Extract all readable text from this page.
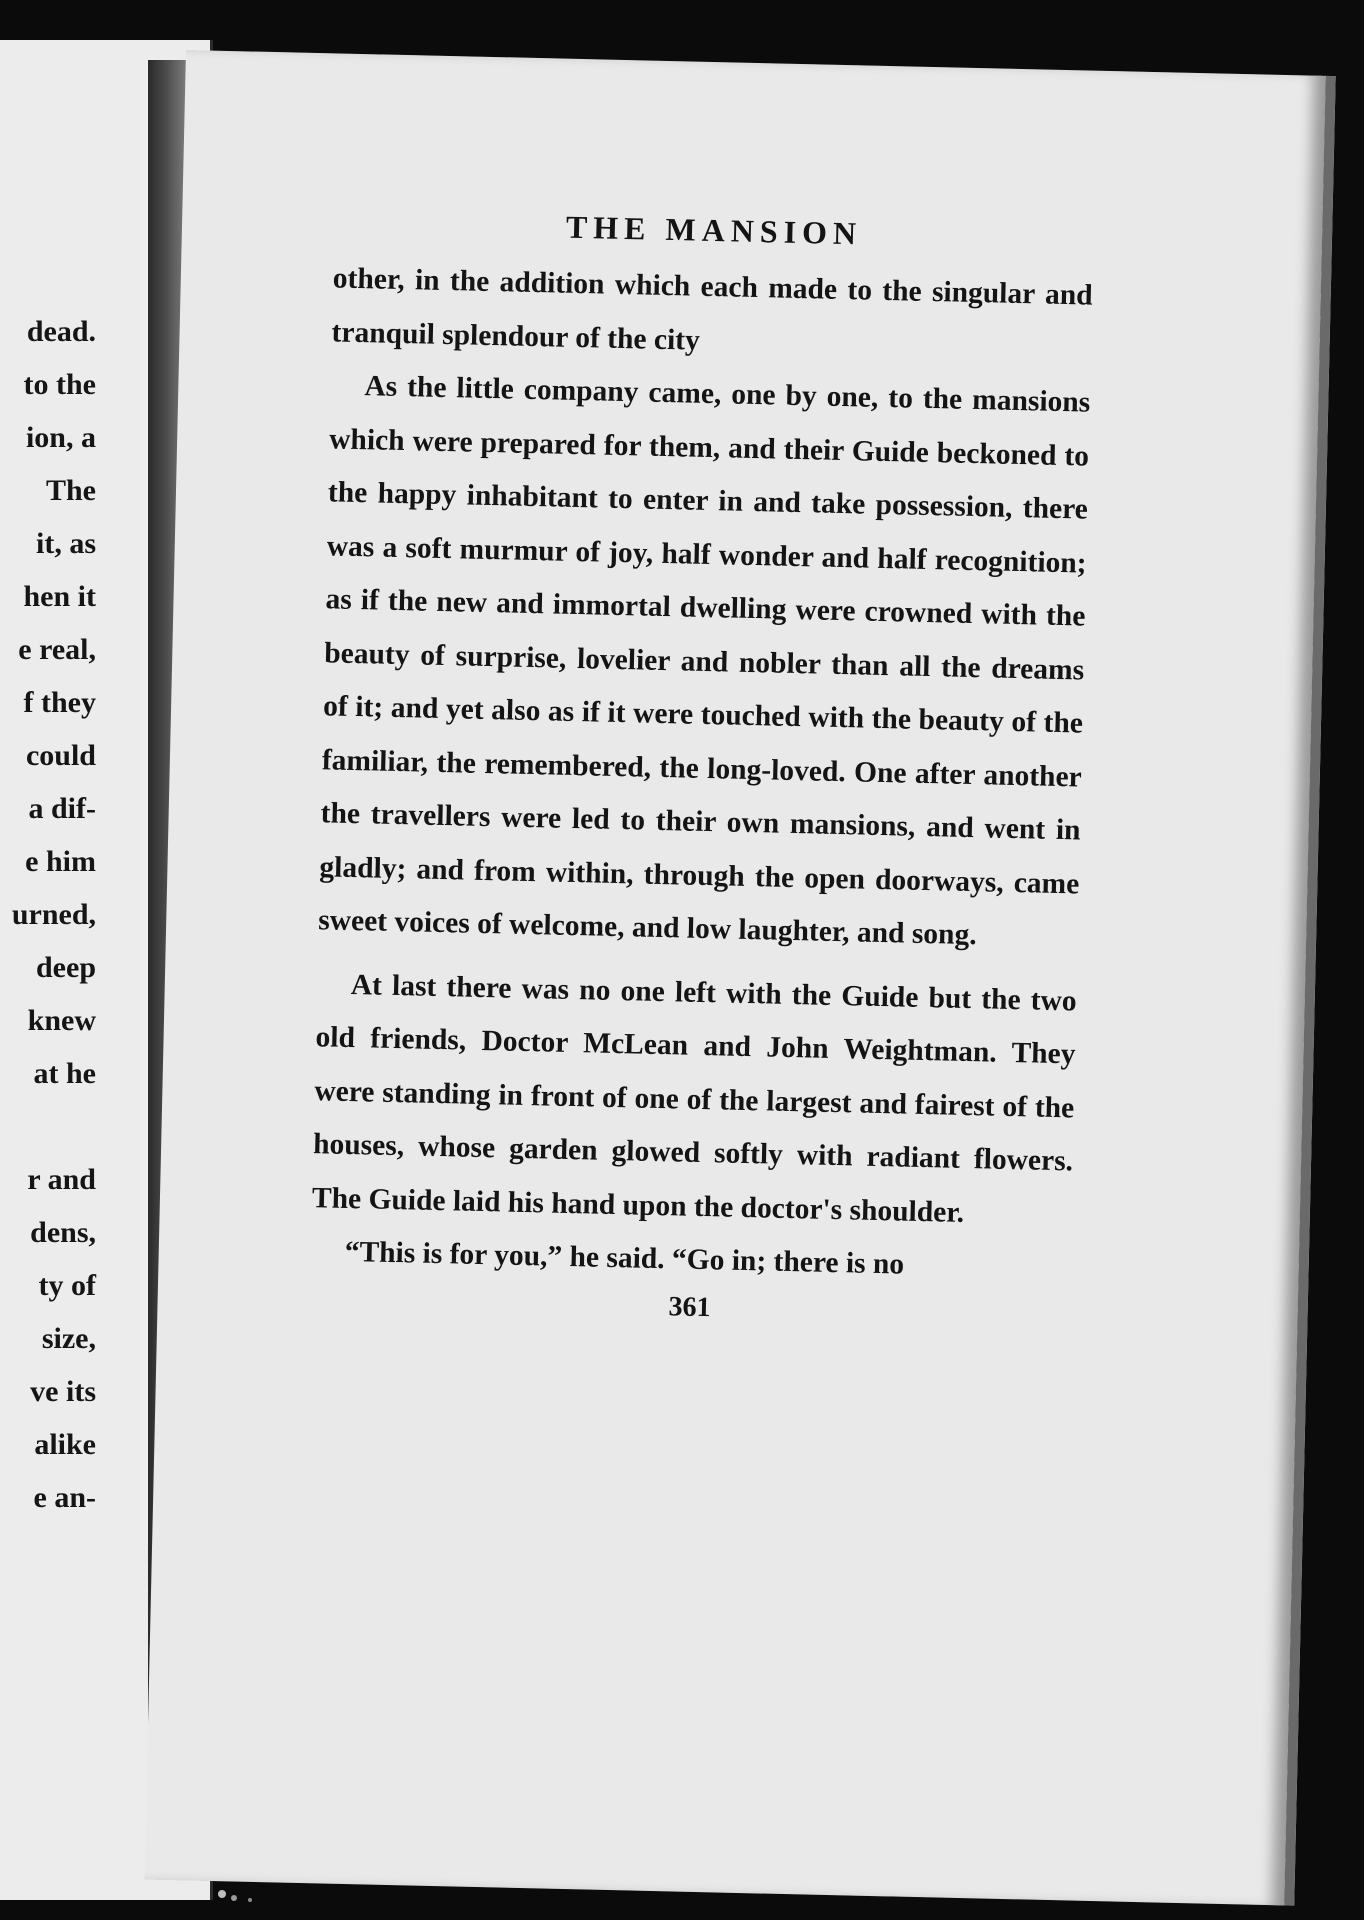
dead.
to the
ion, a
The
it, as
hen it
e real,
f they
could
a dif-
e him
urned,
deep
knew
at he
r and
dens,
ty of
size,
ve its
alike
e an-
THE MANSION

other, in the addition which each made to the singular and tranquil splendour of the city

As the little company came, one by one, to the mansions which were prepared for them, and their Guide beckoned to the happy inhabitant to enter in and take possession, there was a soft murmur of joy, half wonder and half recognition; as if the new and immortal dwelling were crowned with the beauty of surprise, lovelier and nobler than all the dreams of it; and yet also as if it were touched with the beauty of the familiar, the remembered, the long-loved. One after another the travellers were led to their own mansions, and went in gladly; and from within, through the open doorways, came sweet voices of welcome, and low laughter, and song.

At last there was no one left with the Guide but the two old friends, Doctor McLean and John Weightman. They were standing in front of one of the largest and fairest of the houses, whose garden glowed softly with radiant flowers. The Guide laid his hand upon the doctor's shoulder.

“This is for you,” he said. “Go in; there is no

361
